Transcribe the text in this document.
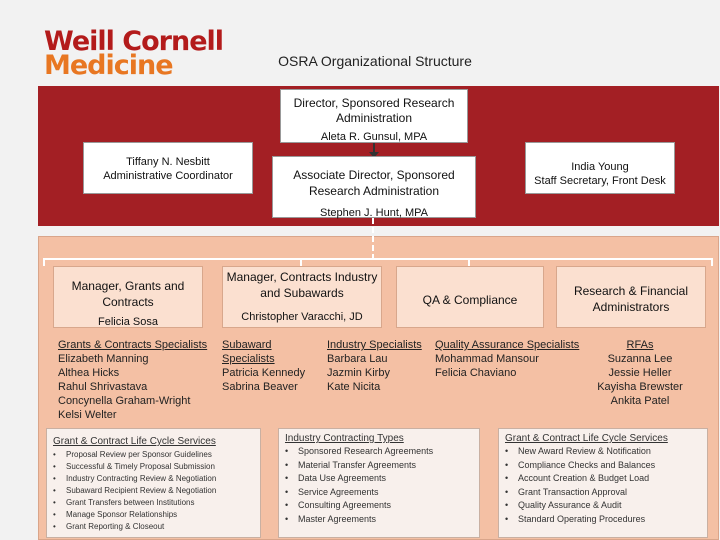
Weill Cornell
Medicine	OSRA Organizational Structure
Director, Sponsored Research Administration
Aleta R. Gunsul, MPA
Tiffany N. Nesbitt
Administrative Coordinator	Associate Director, Sponsored Research Administration
Stephen J. Hunt, MPA
India Young
Staff Secretary, Front Desk
Manager, Grants and Contracts
Felicia Sosa
Manager, Contracts Industry and Subawards
Christopher Varacchi, JD
QA & Compliance
Research & Financial Administrators
Grants & Contracts Specialists
Elizabeth Manning
Althea Hicks
Rahul Shrivastava
Concynella Graham-Wright
Kelsi Welter
Subaward Specialists
Patricia Kennedy
Sabrina Beaver
Industry Specialists
Barbara Lau
Jazmin Kirby
Kate Nicita
Quality Assurance Specialists
Mohammad Mansour
Felicia Chaviano
RFAs
Suzanna Lee
Jessie Heller
Kayisha Brewster
Ankita Patel
Grant & Contract Life Cycle Services
• Proposal Review per Sponsor Guidelines
• Successful & Timely Proposal Submission
• Industry Contracting Review & Negotiation
• Subaward Recipient Review & Negotiation
• Grant Transfers between Institutions
• Manage Sponsor Relationships
• Grant Reporting & Closeout
Industry Contracting Types
• Sponsored Research Agreements
• Material Transfer Agreements
• Data Use Agreements
• Service Agreements
• Consulting Agreements
• Master Agreements
Grant & Contract Life Cycle Services
• New Award Review & Notification
• Compliance Checks and Balances
• Account Creation & Budget Load
• Grant Transaction Approval
• Quality Assurance & Audit
• Standard Operating Procedures
